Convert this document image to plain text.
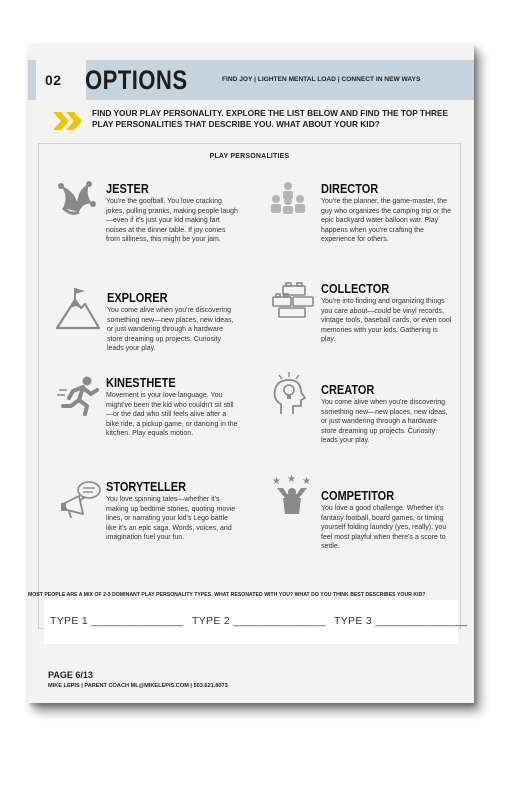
02 OPTIONS	FIND JOY | LIGHTEN MENTAL LOAD | CONNECT IN NEW WAYS
FIND YOUR PLAY PERSONALITY. EXPLORE THE LIST BELOW AND FIND THE TOP THREE
PLAY PERSONALITIES THAT DESCRIBE YOU. WHAT ABOUT YOUR KID?
PLAY PERSONALITIES
JESTER
You're the goofball. You love cracking jokes, pulling pranks, making people laugh—even if it's just your kid making fart noises at the dinner table. If joy comes from silliness, this might be your jam.
DIRECTOR
You're the planner, the game-master, the guy who organizes the camping trip or the epic backyard water balloon war. Play happens when you're crafting the experience for others.
EXPLORER
You come alive when you're discovering something new—new places, new ideas, or just wandering through a hardware store dreaming up projects. Curiosity leads your play.
COLLECTOR
You're into finding and organizing things you care about—could be vinyl records, vintage tools, baseball cards, or even cool memories with your kids. Gathering is play.
KINESTHETE
Movement is your love language. You might've been the kid who couldn't sit still—or the dad who still feels alive after a bike ride, a pickup game, or dancing in the kitchen. Play equals motion.
CREATOR
You come alive when you're discovering something new—new places, new ideas, or just wandering through a hardware store dreaming up projects. Curiosity leads your play.
STORYTELLER
You love spinning tales—whether it's making up bedtime stories, quoting movie lines, or narrating your kid's Lego battle like it's an epic saga. Words, voices, and imagination fuel your fun.
★ ★ ★
COMPETITOR
You love a good challenge. Whether it's fantasy football, board games, or timing yourself folding laundry (yes, really), you feel most playful when there's a score to settle.
MOST PEOPLE ARE A MIX OF 2-3 DOMINANT PLAY PERSONALITY TYPES. WHAT RESONATED WITH YOU? WHAT DO YOU THINK BEST DESCRIBES YOUR KID?
TYPE 1 _______________ TYPE 2 _______________ TYPE 3 _______________
PAGE 6/13
MIKE LEPIS | PARENT COACH ML@MIKELEPIS.COM | 503.621.8073
